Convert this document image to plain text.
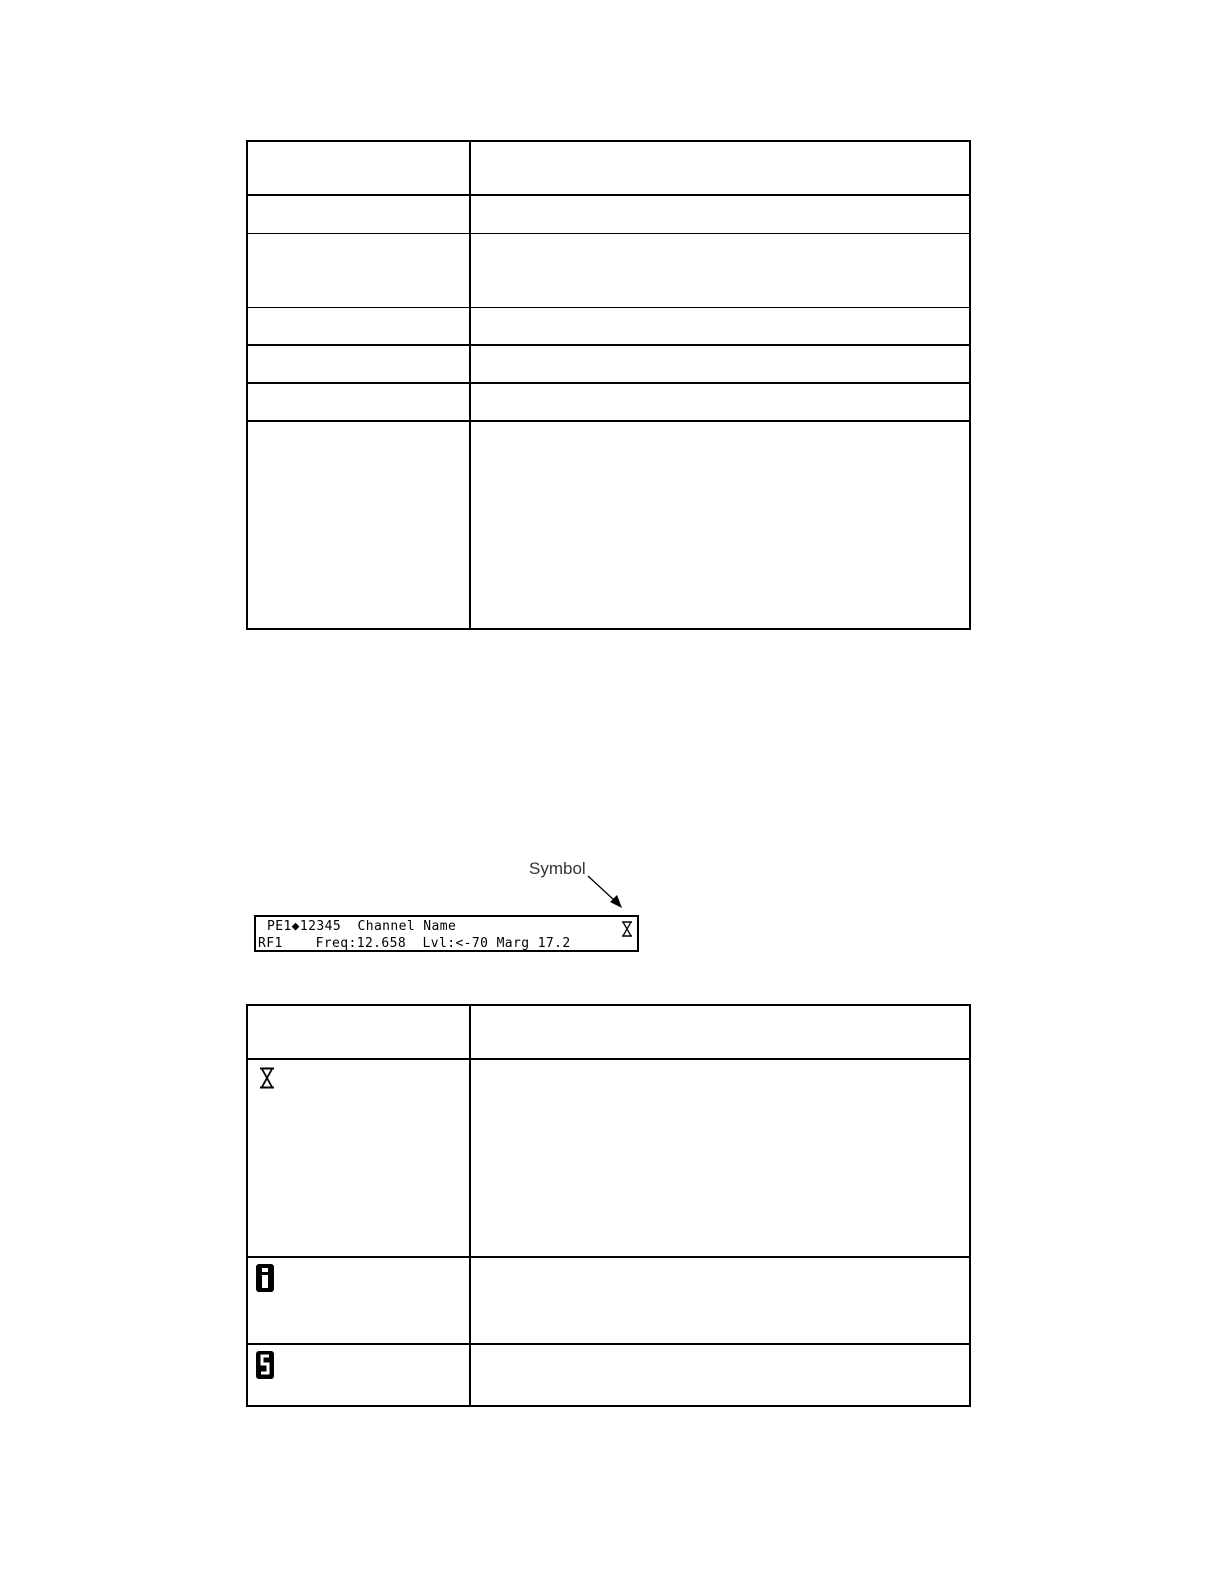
Symbol
PE1◆12345  Channel Name
RF1    Freq:12.658  Lvl:<-70 Marg 17.2
